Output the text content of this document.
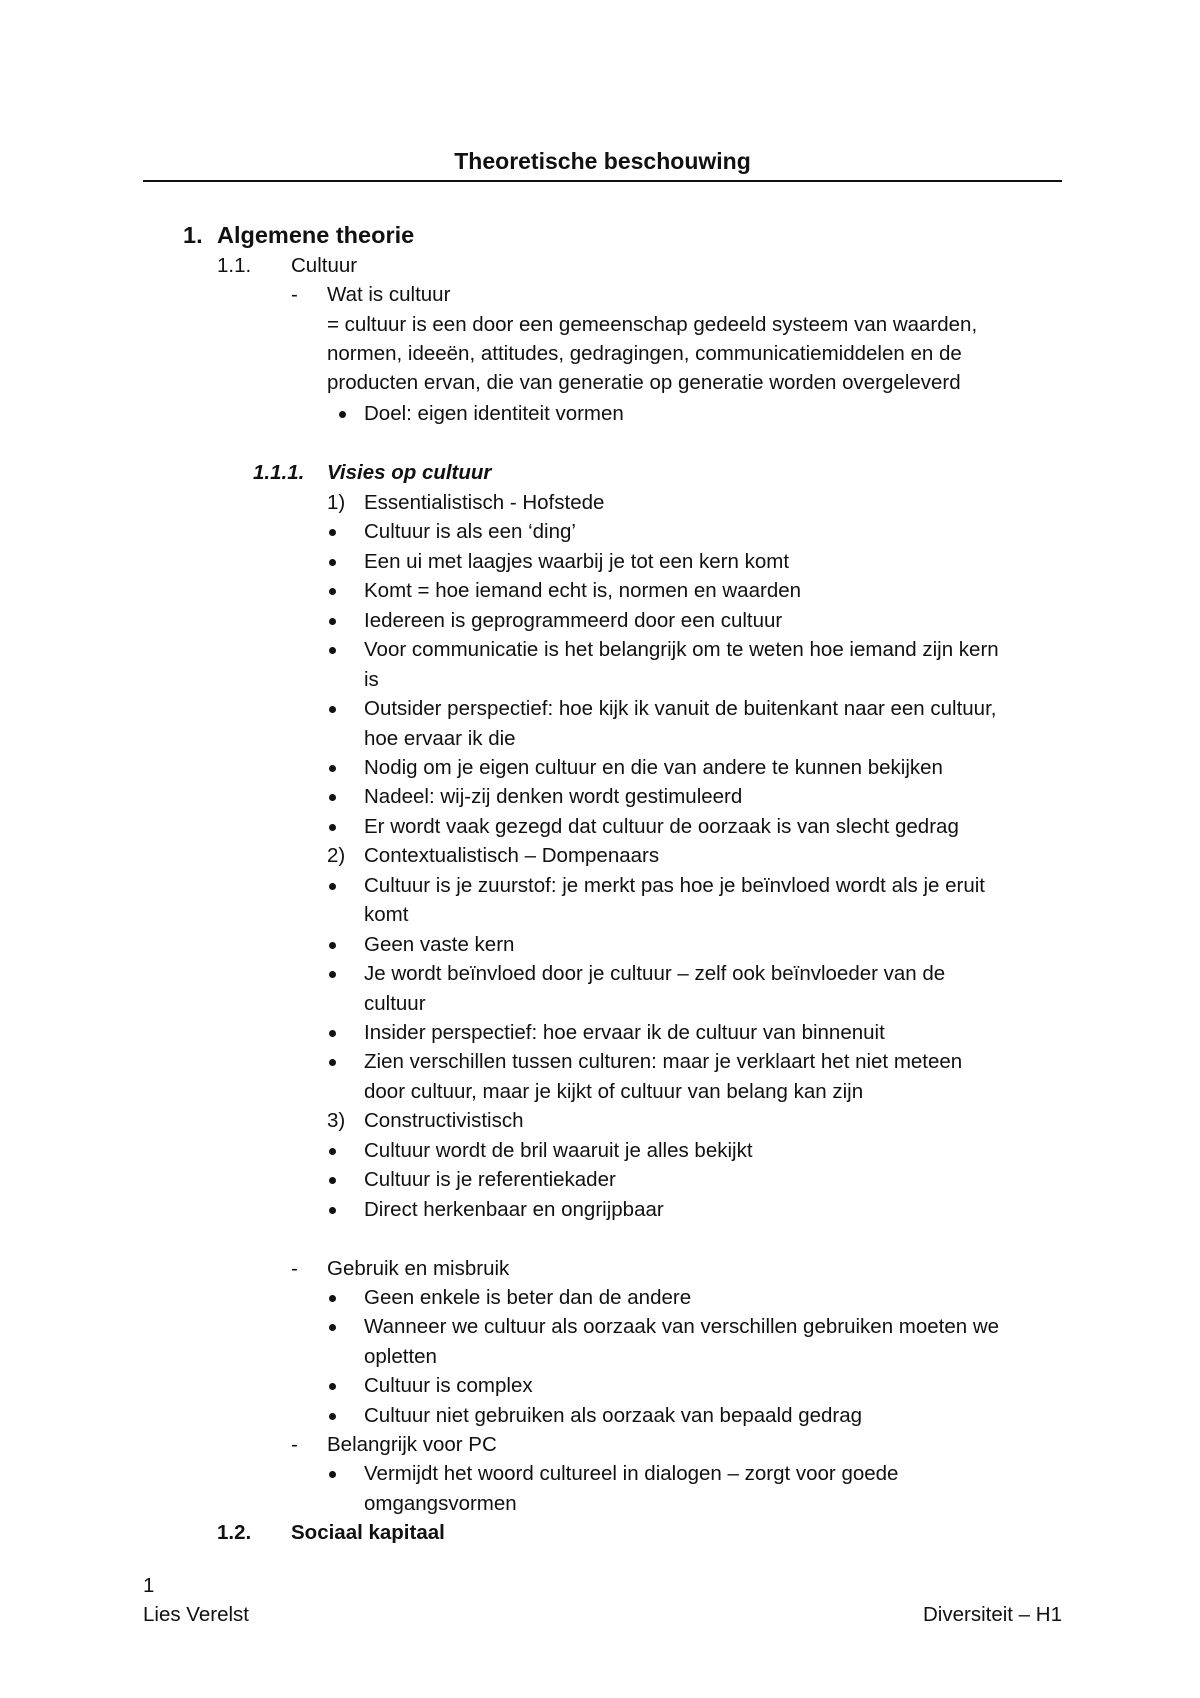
Theoretische beschouwing
1. Algemene theorie
1.1. Cultuur
- Wat is cultuur
= cultuur is een door een gemeenschap gedeeld systeem van waarden,
normen, ideeën, attitudes, gedragingen, communicatiemiddelen en de
producten ervan, die van generatie op generatie worden overgeleverd
Doel: eigen identiteit vormen
1.1.1. Visies op cultuur
1) Essentialistisch - Hofstede
Cultuur is als een ‘ding’
Een ui met laagjes waarbij je tot een kern komt
Komt = hoe iemand echt is, normen en waarden
Iedereen is geprogrammeerd door een cultuur
Voor communicatie is het belangrijk om te weten hoe iemand zijn kern
is
Outsider perspectief: hoe kijk ik vanuit de buitenkant naar een cultuur,
hoe ervaar ik die
Nodig om je eigen cultuur en die van andere te kunnen bekijken
Nadeel: wij-zij denken wordt gestimuleerd
Er wordt vaak gezegd dat cultuur de oorzaak is van slecht gedrag
2) Contextualistisch – Dompenaars
Cultuur is je zuurstof: je merkt pas hoe je beïnvloed wordt als je eruit
komt
Geen vaste kern
Je wordt beïnvloed door je cultuur – zelf ook beïnvloeder van de
cultuur
Insider perspectief: hoe ervaar ik de cultuur van binnenuit
Zien verschillen tussen culturen: maar je verklaart het niet meteen
door cultuur, maar je kijkt of cultuur van belang kan zijn
3) Constructivistisch
Cultuur wordt de bril waaruit je alles bekijkt
Cultuur is je referentiekader
Direct herkenbaar en ongrijpbaar
- Gebruik en misbruik
Geen enkele is beter dan de andere
Wanneer we cultuur als oorzaak van verschillen gebruiken moeten we
opletten
Cultuur is complex
Cultuur niet gebruiken als oorzaak van bepaald gedrag
- Belangrijk voor PC
Vermijdt het woord cultureel in dialogen – zorgt voor goede
omgangsvormen
1.2. Sociaal kapitaal
1
Lies Verelst	Diversiteit – H1
